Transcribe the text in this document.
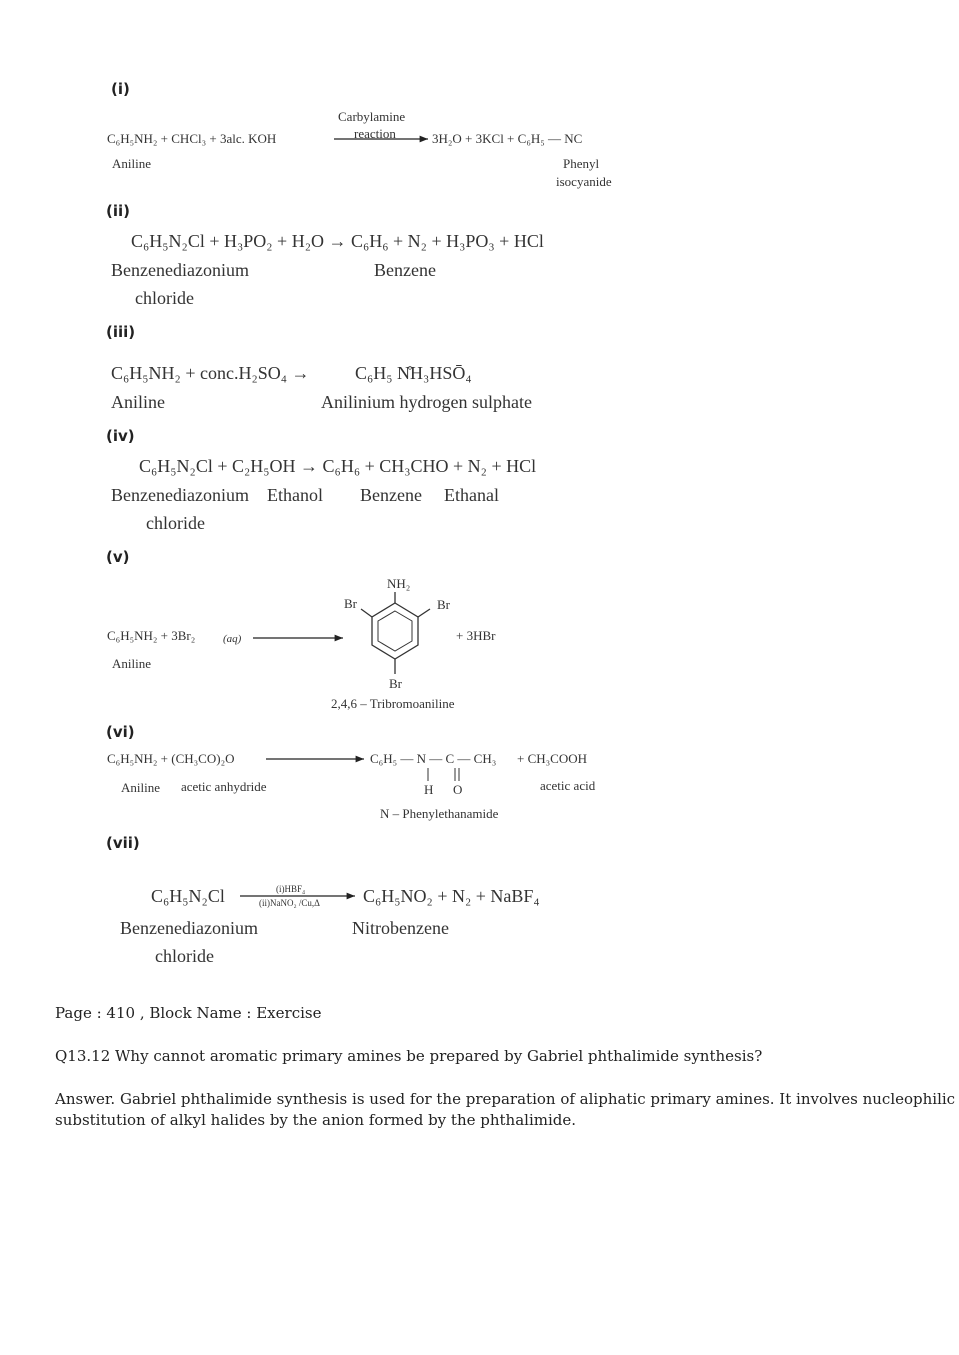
(i)
C₆H₅NH₂ + CHCl₃ + 3alc. KOH
Carbylamine
reaction	3H₂O + 3KCl + C₆H₅ — NC
Aniline	Phenyl
isocyanide
(ii)
C₆H₅N₂Cl + H₃PO₂ + H₂O → C₆H₆ + N₂ + H₃PO₃ + HCl
Benzenediazonium
chloride
Benzene
(iii)
C₆H₅NH₂ + conc.H₂SO₄ →	C₆H₅ N̊H₃HSŌ₄
Aniline	Anilinium hydrogen sulphate
(iv)
C₆H₅N₂Cl + C₂H₅OH → C₆H₆ + CH₃CHO + N₂ + HCl
Benzenediazonium
chloride
Ethanol Benzene Ethanal
(v)
C₆H₅NH₂ + 3Br₂	(aq)
Aniline
NH₂
Br	Br
Br
+ 3HBr
2,4,6 – Tribromoaniline
(vi)
C₆H₅NH₂ + (CH₃CO)₂O	C₆H₅ — N — C — CH₃ + CH₃COOH
H O
Aniline acetic anhydride	acetic acid
N – Phenylethanamide
(vii)
C₆H₅N₂Cl	(i)HBF₄
(ii)NaNO₂ /Cu,Δ C₆H₅NO₂ + N₂ + NaBF₄
Benzenediazonium
chloride
Nitrobenzene
Page : 410 , Block Name : Exercise
Q13.12 Why cannot aromatic primary amines be prepared by Gabriel phthalimide synthesis?
Answer. Gabriel phthalimide synthesis is used for the preparation of aliphatic primary amines. It involves nucleophilic
substitution of alkyl halides by the anion formed by the phthalimide.
